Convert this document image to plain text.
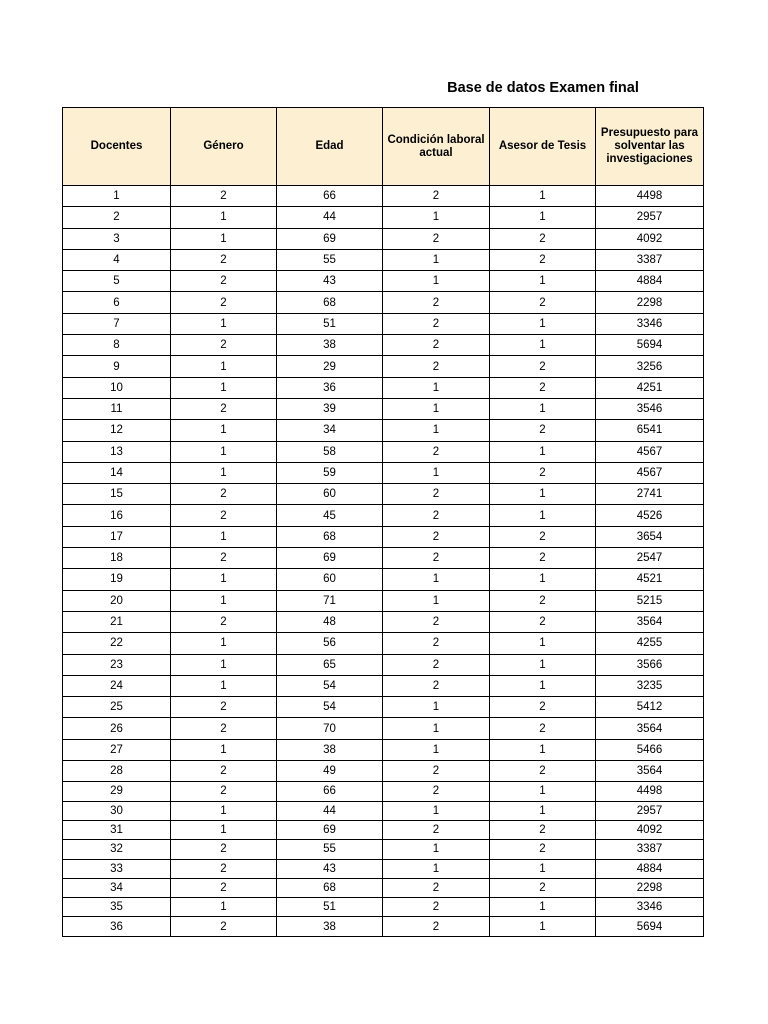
Base de datos Examen final
Docentes	Género	Edad	Condición laboral actual	Asesor de Tesis	Presupuesto para solventar las investigaciones
1	2	66	2	1	4498
2	1	44	1	1	2957
3	1	69	2	2	4092
4	2	55	1	2	3387
5	2	43	1	1	4884
6	2	68	2	2	2298
7	1	51	2	1	3346
8	2	38	2	1	5694
9	1	29	2	2	3256
10	1	36	1	2	4251
11	2	39	1	1	3546
12	1	34	1	2	6541
13	1	58	2	1	4567
14	1	59	1	2	4567
15	2	60	2	1	2741
16	2	45	2	1	4526
17	1	68	2	2	3654
18	2	69	2	2	2547
19	1	60	1	1	4521
20	1	71	1	2	5215
21	2	48	2	2	3564
22	1	56	2	1	4255
23	1	65	2	1	3566
24	1	54	2	1	3235
25	2	54	1	2	5412
26	2	70	1	2	3564
27	1	38	1	1	5466
28	2	49	2	2	3564
29	2	66	2	1	4498
30	1	44	1	1	2957
31	1	69	2	2	4092
32	2	55	1	2	3387
33	2	43	1	1	4884
34	2	68	2	2	2298
35	1	51	2	1	3346
36	2	38	2	1	5694
